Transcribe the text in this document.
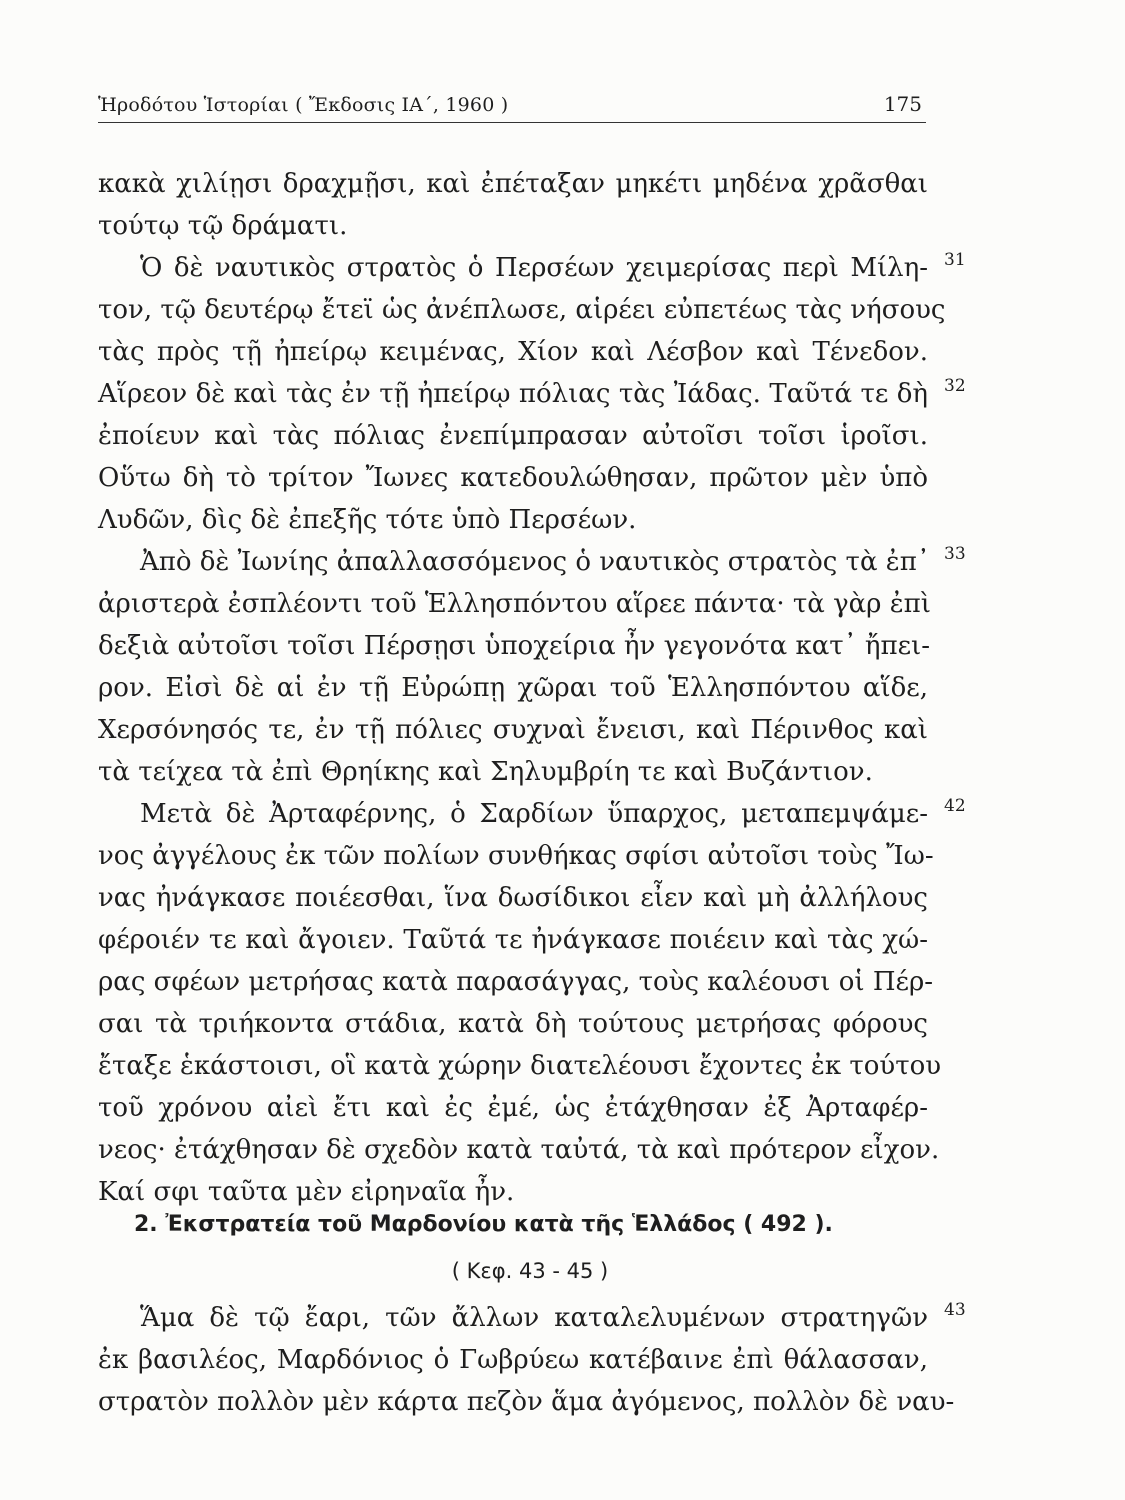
Ἡροδότου Ἱστορίαι ( Ἔκδοσις ΙΑ΄, 1960 )	175
κακὰ χιλίῃσι δραχμῇσι, καὶ ἐπέταξαν μηκέτι μηδένα χρᾶσθαι
τούτῳ τῷ δράματι.
Ὁ δὲ ναυτικὸς στρατὸς ὁ Περσέων χειμερίσας περὶ Μίλη-
τον, τῷ δευτέρῳ ἔτεϊ ὡς ἀνέπλωσε, αἱρέει εὐπετέως τὰς νήσους
τὰς πρὸς τῇ ἠπείρῳ κειμένας, Χίον καὶ Λέσβον καὶ Τένεδον.
Αἵρεον δὲ καὶ τὰς ἐν τῇ ἠπείρῳ πόλιας τὰς Ἰάδας. Ταῦτά τε δὴ
ἐποίευν καὶ τὰς πόλιας ἐνεπίμπρασαν αὐτοῖσι τοῖσι ἱροῖσι.
Οὕτω δὴ τὸ τρίτον Ἴωνες κατεδουλώθησαν, πρῶτον μὲν ὑπὸ
Λυδῶν, δὶς δὲ ἐπεξῆς τότε ὑπὸ Περσέων.
Ἀπὸ δὲ Ἰωνίης ἀπαλλασσόμενος ὁ ναυτικὸς στρατὸς τὰ ἐπ᾽
ἀριστερὰ ἐσπλέοντι τοῦ Ἑλλησπόντου αἵρεε πάντα· τὰ γὰρ ἐπὶ
δεξιὰ αὐτοῖσι τοῖσι Πέρσῃσι ὑποχείρια ἦν γεγονότα κατ᾽ ἤπει-
ρον. Εἰσὶ δὲ αἱ ἐν τῇ Εὐρώπῃ χῶραι τοῦ Ἑλλησπόντου αἵδε,
Χερσόνησός τε, ἐν τῇ πόλιες συχναὶ ἔνεισι, καὶ Πέρινθος καὶ
τὰ τείχεα τὰ ἐπὶ Θρηίκης καὶ Σηλυμβρίη τε καὶ Βυζάντιον.
Μετὰ δὲ Ἀρταφέρνης, ὁ Σαρδίων ὕπαρχος, μεταπεμψάμε-
νος ἀγγέλους ἐκ τῶν πολίων συνθήκας σφίσι αὐτοῖσι τοὺς Ἴω-
νας ἠνάγκασε ποιέεσθαι, ἵνα δωσίδικοι εἶεν καὶ μὴ ἀλλήλους
φέροιέν τε καὶ ἄγοιεν. Ταῦτά τε ἠνάγκασε ποιέειν καὶ τὰς χώ-
ρας σφέων μετρήσας κατὰ παρασάγγας, τοὺς καλέουσι οἱ Πέρ-
σαι τὰ τριήκοντα στάδια, κατὰ δὴ τούτους μετρήσας φόρους
ἔταξε ἑκάστοισι, οἳ κατὰ χώρην διατελέουσι ἔχοντες ἐκ τούτου
τοῦ χρόνου αἰεὶ ἔτι καὶ ἐς ἐμέ, ὡς ἐτάχθησαν ἐξ Ἀρταφέρ-
νεος· ἐτάχθησαν δὲ σχεδὸν κατὰ ταὐτά, τὰ καὶ πρότερον εἶχον.
Καί σφι ταῦτα μὲν εἰρηναῖα ἦν.
2. Ἐκστρατεία τοῦ Μαρδονίου κατὰ τῆς Ἑλλάδος ( 492 ).
( Κεφ. 43 - 45 )
Ἅμα δὲ τῷ ἔαρι, τῶν ἄλλων καταλελυμένων στρατηγῶν
ἐκ βασιλέος, Μαρδόνιος ὁ Γωβρύεω κατέβαινε ἐπὶ θάλασσαν,
στρατὸν πολλὸν μὲν κάρτα πεζὸν ἅμα ἀγόμενος, πολλὸν δὲ ναυ-
31
32
33
42
43
